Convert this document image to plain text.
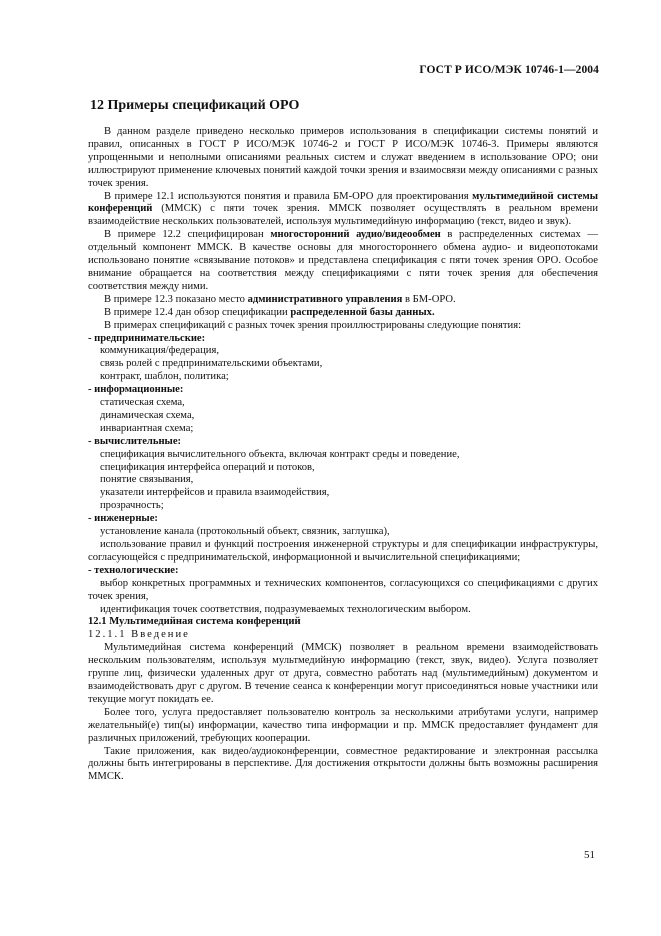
ГОСТ Р ИСО/МЭК 10746-1—2004
12 Примеры спецификаций ОРО

В данном разделе приведено несколько примеров использования в спецификации системы понятий и правил, описанных в ГОСТ Р ИСО/МЭК 10746-2 и ГОСТ Р ИСО/МЭК 10746-3. Примеры являются упрощенными и неполными описаниями реальных систем и служат введением в использование ОРО; они иллюстрируют применение ключевых понятий каждой точки зрения и взаимосвязи между описаниями с разных точек зрения.

В примере 12.1 используются понятия и правила БМ-ОРО для проектирования мультимедийной системы конференций (ММСК) с пяти точек зрения. ММСК позволяет осуществлять в реальном времени взаимодействие нескольких пользователей, используя мультимедийную информацию (текст, видео и звук).

В примере 12.2 специфицирован многосторонний аудио/видеообмен в распределенных системах — отдельный компонент ММСК. В качестве основы для многостороннего обмена аудио- и видеопотоками использовано понятие «связывание потоков» и представлена спецификация с пяти точек зрения ОРО. Особое внимание обращается на соответствия между спецификациями с пяти точек зрения для обеспечения соответствия между ними.

В примере 12.3 показано место административного управления в БМ-ОРО.

В примере 12.4 дан обзор спецификации распределенной базы данных.

В примерах спецификаций с разных точек зрения проиллюстрированы следующие понятия:

- предпринимательские:

коммуникация/федерация,

связь ролей с предпринимательскими объектами,

контракт, шаблон, политика;

- информационные:

статическая схема,

динамическая схема,

инвариантная схема;

- вычислительные:

спецификация вычислительного объекта, включая контракт среды и поведение,

спецификация интерфейса операций и потоков,

понятие связывания,

указатели интерфейсов и правила взаимодействия,

прозрачность;

- инженерные:

установление канала (протокольный объект, связник, заглушка),

использование правил и функций построения инженерной структуры и для спецификации инфраструктуры, согласующейся с предпринимательской, информационной и вычислительной спецификациями;

- технологические:

выбор конкретных программных и технических компонентов, согласующихся со спецификациями с других точек зрения,

идентификация точек соответствия, подразумеваемых технологическим выбором.

12.1 Мультимедийная система конференций

12.1.1 Введение

Мультимедийная система конференций (ММСК) позволяет в реальном времени взаимодействовать нескольким пользователям, используя мультмедийную информацию (текст, звук, видео). Услуга позволяет группе лиц, физически удаленных друг от друга, совместно работать над (мультимедийным) документом и взаимодействовать друг с другом. В течение сеанса к конференции могут присоединяться новые участники или текущие могут покидать ее.

Более того, услуга предоставляет пользователю контроль за несколькими атрибутами услуги, например желательный(е) тип(ы) информации, качество типа информации и пр. ММСК предоставляет фундамент для различных приложений, требующих кооперации.

Такие приложения, как видео/аудиоконференции, совместное редактирование и электронная рассылка должны быть интегрированы в перспективе. Для достижения открытости должны быть возможны расширения ММСК.

51
